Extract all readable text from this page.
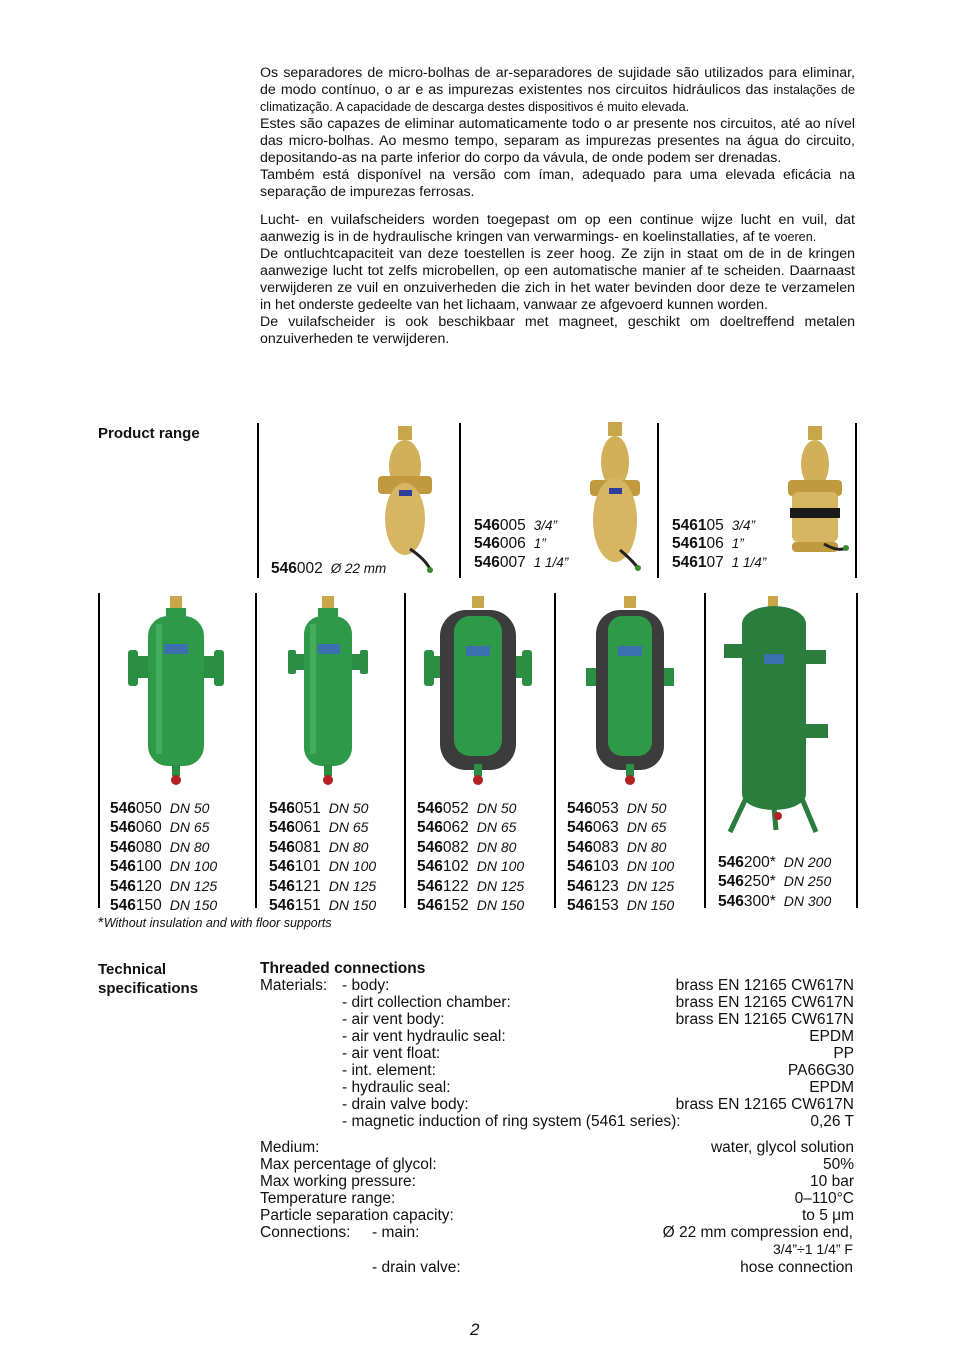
Os separadores de micro-bolhas de ar-separadores de sujidade são utilizados para eliminar, de modo contínuo, o ar e as impurezas existentes nos circuitos hidráulicos das instalações de climatização. A capacidade de descarga destes dispositivos é muito elevada.

Estes são capazes de eliminar automaticamente todo o ar presente nos circuitos, até ao nível das micro-bolhas. Ao mesmo tempo, separam as impurezas presentes na água do circuito, depositando-as na parte inferior do corpo da vávula, de onde podem ser drenadas.

Também está disponível na versão com íman, adequado para uma elevada eficácia na separação de impurezas ferrosas.

Lucht- en vuilafscheiders worden toegepast om op een continue wijze lucht en vuil, dat aanwezig is in de hydraulische kringen van verwarmings- en koelinstallaties, af te voeren.

De ontluchtcapaciteit van deze toestellen is zeer hoog. Ze zijn in staat om de in de kringen aanwezige lucht tot zelfs microbellen, op een automatische manier af te scheiden. Daarnaast verwijderen ze vuil en onzuiverheden die zich in het water bevinden door deze te verzamelen in het onderste gedeelte van het lichaam, vanwaar ze afgevoerd kunnen worden.

De vuilafscheider is ook beschikbaar met magneet, geschikt om doeltreffend metalen onzuiverheden te verwijderen.

Product range
546002 Ø 22 mm
546005 3/4”
546006 1”
546007 1 1/4”
546105 3/4”
546106 1”
546107 1 1/4”
546050 DN 50
546060 DN 65
546080 DN 80
546100 DN 100
546120 DN 125
546150 DN 150
546051 DN 50
546061 DN 65
546081 DN 80
546101 DN 100
546121 DN 125
546151 DN 150
546052 DN 50
546062 DN 65
546082 DN 80
546102 DN 100
546122 DN 125
546152 DN 150
546053 DN 50
546063 DN 65
546083 DN 80
546103 DN 100
546123 DN 125
546153 DN 150
546200* DN 200
546250* DN 250
546300* DN 300
*Without insulation and with floor supports
Technical
specifications
Threaded connections
Materials: - body:	brass EN 12165 CW617N
- dirt collection chamber:	brass EN 12165 CW617N
- air vent body:	brass EN 12165 CW617N
- air vent hydraulic seal:	EPDM
- air vent float:	PP
- int. element:	PA66G30
- hydraulic seal:	EPDM
- drain valve body:	brass EN 12165 CW617N
- magnetic induction of ring system (5461 series):	0,26 T
Medium:	water, glycol solution
Max percentage of glycol:	50%
Max working pressure:	10 bar
Temperature range:	0–110°C
Particle separation capacity:	to 5 μm
Connections: - main:	Ø 22 mm compression end,
3/4”÷1 1/4” F
- drain valve:	hose connection
2
